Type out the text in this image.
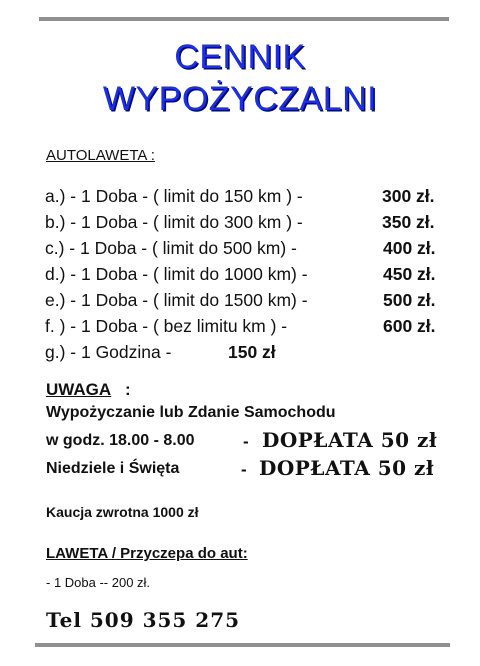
CENNIK
WYPOŻYCZALNI
AUTOLAWETA :
a.) - 1 Doba - ( limit do 150 km ) -	300 zł.
b.) - 1 Doba - ( limit do 300 km ) -	350 zł.
c.) - 1 Doba - ( limit do 500 km) -	400 zł.
d.) - 1 Doba - ( limit do 1000 km) -	450 zł.
e.) - 1 Doba - ( limit do 1500 km) -	500 zł.
f. ) - 1 Doba - ( bez limitu km ) -	600 zł.
g.) - 1 Godzina -	150 zł
UWAGA :
Wypożyczanie lub Zdanie Samochodu
w godz. 18.00 - 8.00	- DOPŁATA 50 zł
Niedziele i Święta	- DOPŁATA 50 zł
Kaucja zwrotna 1000 zł
LAWETA / Przyczepa do aut:
- 1 Doba -- 200 zł.
Tel 509 355 275
